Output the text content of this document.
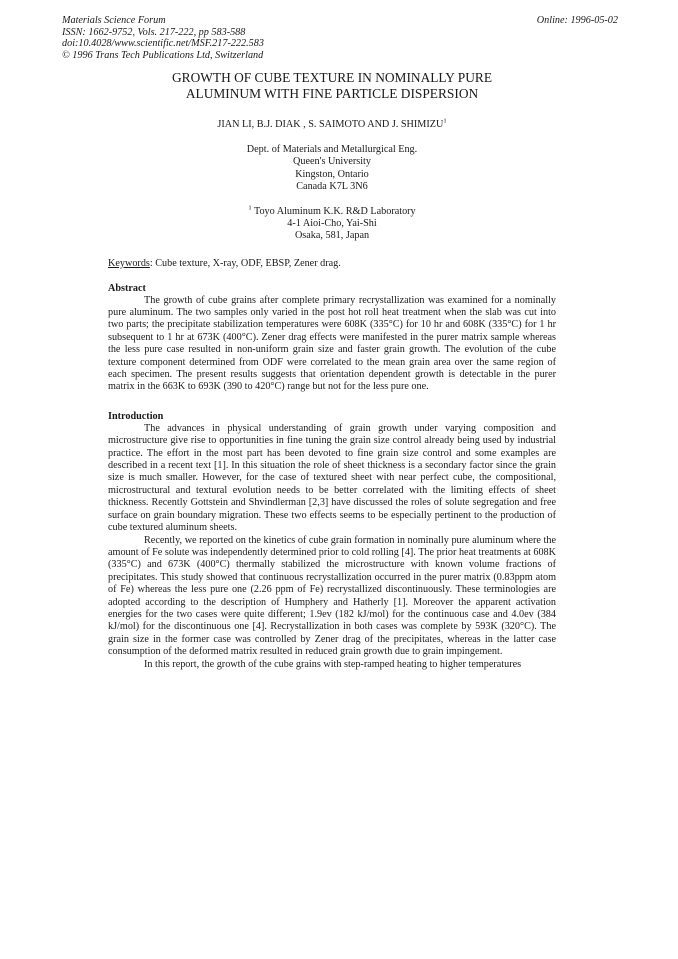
Materials Science Forum
ISSN: 1662-9752, Vols. 217-222, pp 583-588
doi:10.4028/www.scientific.net/MSF.217-222.583
© 1996 Trans Tech Publications Ltd, Switzerland
Online: 1996-05-02
GROWTH OF CUBE TEXTURE IN NOMINALLY PURE
ALUMINUM WITH FINE PARTICLE DISPERSION
JIAN LI, B.J. DIAK , S. SAIMOTO AND J. SHIMIZU$^1$
Dept. of Materials and Metallurgical Eng.
Queen's University
Kingston, Ontario
Canada K7L 3N6
$^1$ Toyo Aluminum K.K. R&D Laboratory
4-1 Aioi-Cho, Yai-Shi
Osaka, 581, Japan
Keywords: Cube texture, X-ray, ODF, EBSP, Zener drag.
Abstract

The growth of cube grains after complete primary recrystallization was examined for a nominally pure aluminum. The two samples only varied in the post hot roll heat treatment when the slab was cut into two parts; the precipitate stabilization temperatures were 608K (335°C) for 10 hr and 608K (335°C) for 1 hr subsequent to 1 hr at 673K (400°C). Zener drag effects were manifested in the purer matrix sample whereas the less pure case resulted in non-uniform grain size and faster grain growth. The evolution of the cube texture component determined from ODF were correlated to the mean grain area over the same region of each specimen. The present results suggests that orientation dependent growth is detectable in the purer matrix in the 663K to 693K (390 to 420°C) range but not for the less pure one.

Introduction

The advances in physical understanding of grain growth under varying composition and microstructure give rise to opportunities in fine tuning the grain size control already being used by industrial practice. The effort in the most part has been devoted to fine grain size control and some examples are described in a recent text [1]. In this situation the role of sheet thickness is a secondary factor since the grain size is much smaller. However, for the case of textured sheet with near perfect cube, the compositional, microstructural and textural evolution needs to be better correlated with the limiting effects of sheet thickness. Recently Gottstein and Shvindlerman [2,3] have discussed the roles of solute segregation and free surface on grain boundary migration. These two effects seems to be especially pertinent to the production of cube textured aluminum sheets.

Recently, we reported on the kinetics of cube grain formation in nominally pure aluminum where the amount of Fe solute was independently determined prior to cold rolling [4]. The prior heat treatments at 608K (335°C) and 673K (400°C) thermally stabilized the microstructure with known volume fractions of precipitates. This study showed that continuous recrystallization occurred in the purer matrix (0.83ppm atom of Fe) whereas the less pure one (2.26 ppm of Fe) recrystallized discontinuously. These terminologies are adopted according to the description of Humphery and Hatherly [1]. Moreover the apparent activation energies for the two cases were quite different; 1.9ev (182 kJ/mol) for the continuous case and 4.0ev (384 kJ/mol) for the discontinuous one [4]. Recrystallization in both cases was complete by 593K (320°C). The grain size in the former case was controlled by Zener drag of the precipitates, whereas in the latter case consumption of the deformed matrix resulted in reduced grain growth due to grain impingement.

In this report, the growth of the cube grains with step-ramped heating to higher temperatures
